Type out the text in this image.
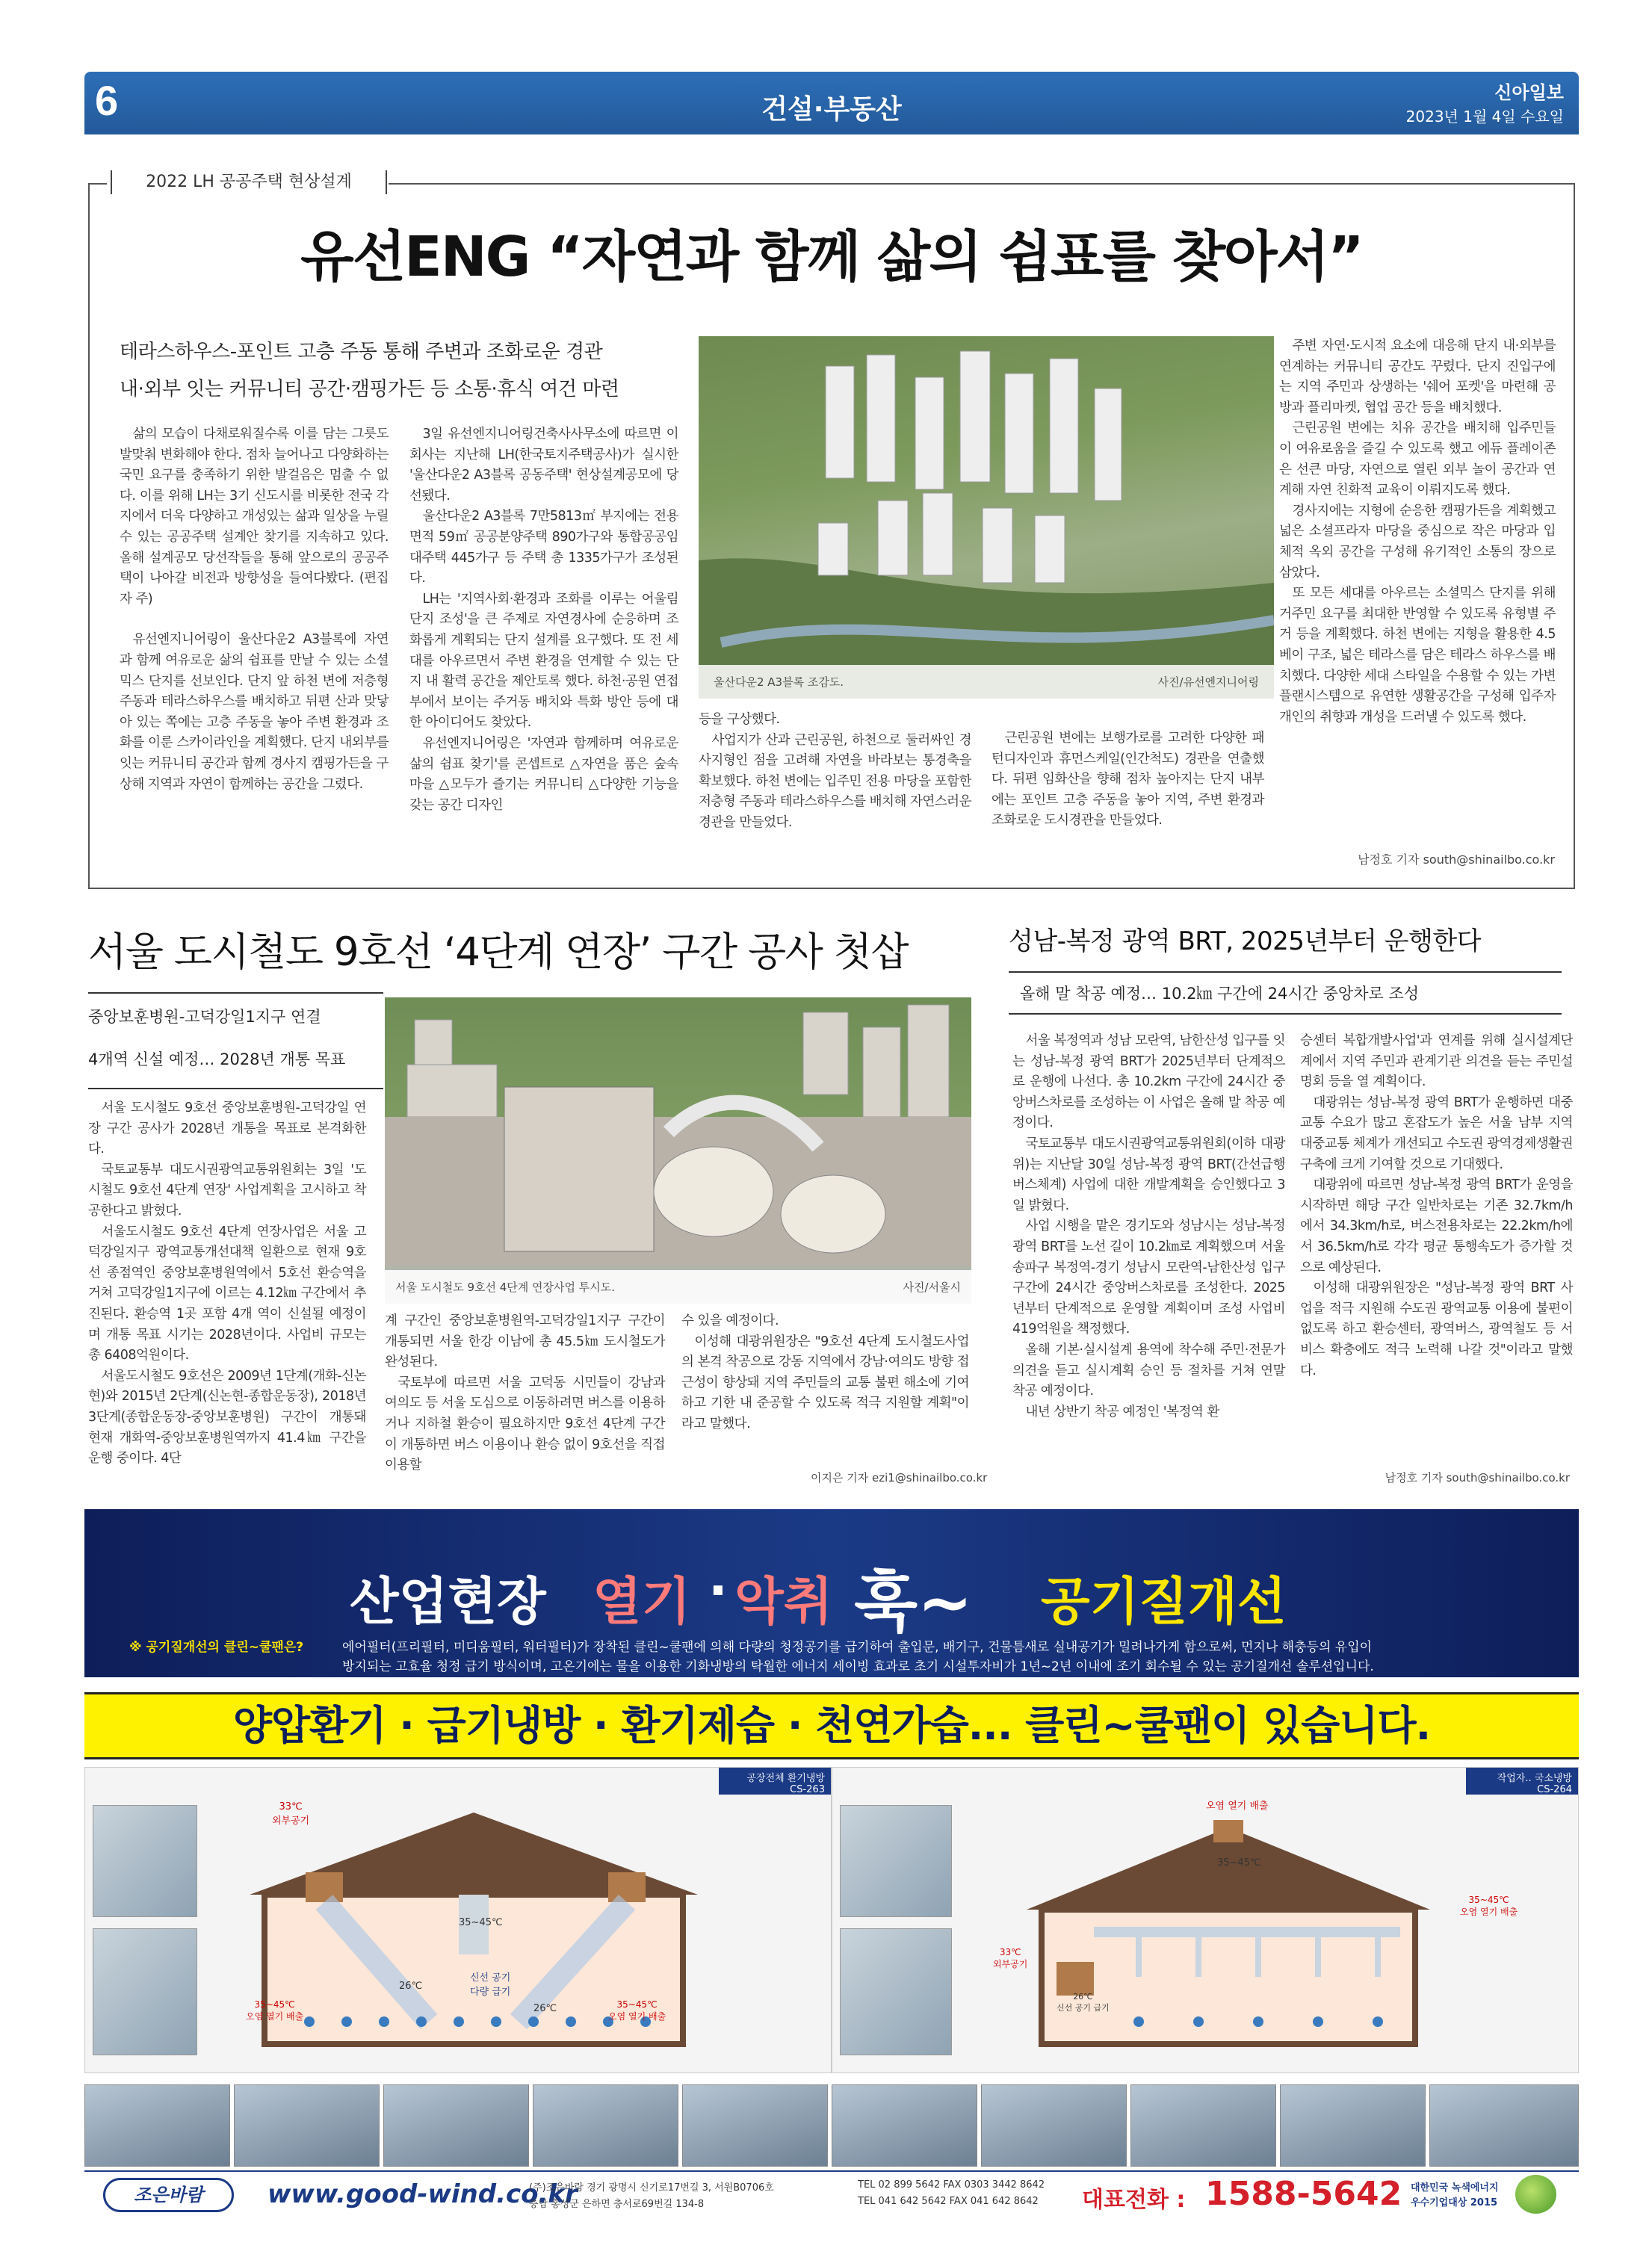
6	건설·부동산
신아일보
2023년 1월 4일 수요일
2022 LH 공공주택 현상설계
유선ENG “자연과 함께 삶의 쉼표를 찾아서”
테라스하우스-포인트 고층 주동 통해 주변과 조화로운 경관
내·외부 잇는 커뮤니티 공간·캠핑가든 등 소통·휴식 여건 마련

삶의 모습이 다채로워질수록 이를 담는 그릇도 발맞춰 변화해야 한다. 점차 늘어나고 다양화하는 국민 요구를 충족하기 위한 발걸음은 멈출 수 없다. 이를 위해 LH는 3기 신도시를 비롯한 전국 각지에서 더욱 다양하고 개성있는 삶과 일상을 누릴 수 있는 공공주택 설계안 찾기를 지속하고 있다. 올해 설계공모 당선작들을 통해 앞으로의 공공주택이 나아갈 비전과 방향성을 들여다봤다. (편집자 주)

유선엔지니어링이 울산다운2 A3블록에 자연과 함께 여유로운 삶의 쉼표를 만날 수 있는 소셜믹스 단지를 선보인다. 단지 앞 하천 변에 저층형 주동과 테라스하우스를 배치하고 뒤편 산과 맞닿아 있는 쪽에는 고층 주동을 놓아 주변 환경과 조화를 이룬 스카이라인을 계획했다. 단지 내외부를 잇는 커뮤니티 공간과 함께 경사지 캠핑가든을 구상해 지역과 자연이 함께하는 공간을 그렸다.

3일 유선엔지니어링건축사사무소에 따르면 이 회사는 지난해 LH(한국토지주택공사)가 실시한 '울산다운2 A3블록 공동주택' 현상설계공모에 당선됐다.

울산다운2 A3블록 7만5813㎡ 부지에는 전용면적 59㎡ 공공분양주택 890가구와 통합공공임대주택 445가구 등 주택 총 1335가구가 조성된다.

LH는 '지역사회·환경과 조화를 이루는 어울림 단지 조성'을 큰 주제로 자연경사에 순응하며 조화롭게 계획되는 단지 설계를 요구했다. 또 전 세대를 아우르면서 주변 환경을 연계할 수 있는 단지 내 활력 공간을 제안토록 했다. 하천·공원 연접부에서 보이는 주거동 배치와 특화 방안 등에 대한 아이디어도 찾았다.

유선엔지니어링은 '자연과 함께하며 여유로운 삶의 쉼표 찾기'를 콘셉트로 △자연을 품은 숲속 마을 △모두가 즐기는 커뮤니티 △다양한 기능을 갖는 공간 디자인

울산다운2 A3블록 조감도.	사진/유선엔지니어링

등을 구상했다.

사업지가 산과 근린공원, 하천으로 둘러싸인 경사지형인 점을 고려해 자연을 바라보는 통경축을 확보했다. 하천 변에는 입주민 전용 마당을 포함한 저층형 주동과 테라스하우스를 배치해 자연스러운 경관을 만들었다.

근린공원 변에는 보행가로를 고려한 다양한 패턴디자인과 휴먼스케일(인간척도) 경관을 연출했다. 뒤편 임화산을 향해 점차 높아지는 단지 내부에는 포인트 고층 주동을 놓아 지역, 주변 환경과 조화로운 도시경관을 만들었다.

주변 자연·도시적 요소에 대응해 단지 내·외부를 연계하는 커뮤니티 공간도 꾸렸다. 단지 진입구에는 지역 주민과 상생하는 '쉐어 포켓'을 마련해 공방과 플리마켓, 협업 공간 등을 배치했다.

근린공원 변에는 치유 공간을 배치해 입주민들이 여유로움을 즐길 수 있도록 했고 에듀 플레이존은 선큰 마당, 자연으로 열린 외부 놀이 공간과 연계해 자연 친화적 교육이 이뤄지도록 했다.

경사지에는 지형에 순응한 캠핑가든을 계획했고 넓은 소셜프라자 마당을 중심으로 작은 마당과 입체적 옥외 공간을 구성해 유기적인 소통의 장으로 삼았다.

또 모든 세대를 아우르는 소셜믹스 단지를 위해 거주민 요구를 최대한 반영할 수 있도록 유형별 주거 등을 계획했다. 하천 변에는 지형을 활용한 4.5베이 구조, 넓은 테라스를 담은 테라스 하우스를 배치했다. 다양한 세대 스타일을 수용할 수 있는 가변플랜시스템으로 유연한 생활공간을 구성해 입주자 개인의 취향과 개성을 드러낼 수 있도록 했다.

남정호 기자 south@shinailbo.co.kr
서울 도시철도 9호선 ‘4단계 연장’ 구간 공사 첫삽
중앙보훈병원-고덕강일1지구 연결
4개역 신설 예정… 2028년 개통 목표

서울 도시철도 9호선 중앙보훈병원-고덕강일 연장 구간 공사가 2028년 개통을 목표로 본격화한다.

국토교통부 대도시권광역교통위원회는 3일 '도시철도 9호선 4단계 연장' 사업계획을 고시하고 착공한다고 밝혔다.

서울도시철도 9호선 4단계 연장사업은 서울 고덕강일지구 광역교통개선대책 일환으로 현재 9호선 종점역인 중앙보훈병원역에서 5호선 환승역을 거쳐 고덕강일1지구에 이르는 4.12㎞ 구간에서 추진된다. 환승역 1곳 포함 4개 역이 신설될 예정이며 개통 목표 시기는 2028년이다. 사업비 규모는 총 6408억원이다.

서울도시철도 9호선은 2009년 1단계(개화-신논현)와 2015년 2단계(신논현-종합운동장), 2018년 3단계(종합운동장-중앙보훈병원) 구간이 개통돼 현재 개화역-중앙보훈병원역까지 41.4㎞ 구간을 운행 중이다. 4단

서울 도시철도 9호선 4단계 연장사업 투시도.	사진/서울시

계 구간인 중앙보훈병원역-고덕강일1지구 구간이 개통되면 서울 한강 이남에 총 45.5㎞ 도시철도가 완성된다.

국토부에 따르면 서울 고덕동 시민들이 강남과 여의도 등 서울 도심으로 이동하려면 버스를 이용하거나 지하철 환승이 필요하지만 9호선 4단계 구간이 개통하면 버스 이용이나 환승 없이 9호선을 직접 이용할

수 있을 예정이다.

이성해 대광위원장은 "9호선 4단계 도시철도사업의 본격 착공으로 강동 지역에서 강남·여의도 방향 접근성이 향상돼 지역 주민들의 교통 불편 해소에 기여하고 기한 내 준공할 수 있도록 적극 지원할 계획"이라고 말했다.

이지은 기자 ezi1@shinailbo.co.kr
성남-복정 광역 BRT, 2025년부터 운행한다
올해 말 착공 예정… 10.2㎞ 구간에 24시간 중앙차로 조성

서울 복정역과 성남 모란역, 남한산성 입구를 잇는 성남-복정 광역 BRT가 2025년부터 단계적으로 운행에 나선다. 총 10.2km 구간에 24시간 중앙버스차로를 조성하는 이 사업은 올해 말 착공 예정이다.

국토교통부 대도시권광역교통위원회(이하 대광위)는 지난달 30일 성남-복정 광역 BRT(간선급행버스체계) 사업에 대한 개발계획을 승인했다고 3일 밝혔다.

사업 시행을 맡은 경기도와 성남시는 성남-복정 광역 BRT를 노선 길이 10.2㎞로 계획했으며 서울 송파구 복정역-경기 성남시 모란역-남한산성 입구 구간에 24시간 중앙버스차로를 조성한다. 2025년부터 단계적으로 운영할 계획이며 조성 사업비 419억원을 책정했다.

올해 기본·실시설계 용역에 착수해 주민·전문가 의견을 듣고 실시계획 승인 등 절차를 거쳐 연말 착공 예정이다.

내년 상반기 착공 예정인 '복정역 환

승센터 복합개발사업'과 연계를 위해 실시설계단계에서 지역 주민과 관계기관 의견을 듣는 주민설명회 등을 열 계획이다.

대광위는 성남-복정 광역 BRT가 운행하면 대중교통 수요가 많고 혼잡도가 높은 서울 남부 지역 대중교통 체계가 개선되고 수도권 광역경제생활권 구축에 크게 기여할 것으로 기대했다.

대광위에 따르면 성남-복정 광역 BRT가 운영을 시작하면 해당 구간 일반차로는 기존 32.7km/h에서 34.3km/h로, 버스전용차로는 22.2km/h에서 36.5km/h로 각각 평균 통행속도가 증가할 것으로 예상된다.

이성해 대광위원장은 "성남-복정 광역 BRT 사업을 적극 지원해 수도권 광역교통 이용에 불편이 없도록 하고 환승센터, 광역버스, 광역철도 등 서비스 확충에도 적극 노력해 나갈 것"이라고 말했다.

남정호 기자 south@shinailbo.co.kr
산업현장 열기 · 악취 훅~ 공기질개선
※ 공기질개선의 클린~쿨팬은?	에어필터(프리필터, 미디움필터, 워터필터)가 장착된 클린~쿨팬에 의해 다량의 청정공기를 급기하여 출입문, 배기구, 건물틈새로 실내공기가 밀려나가게 함으로써, 먼지나 해충등의 유입이
방지되는 고효율 청정 급기 방식이며, 고온기에는 물을 이용한 기화냉방의 탁월한 에너지 세이빙 효과로 초기 시설투자비가 1년~2년 이내에 조기 회수될 수 있는 공기질개선 솔루션입니다.
양압환기 · 급기냉방 · 환기제습 · 천연가습... 클린~쿨팬이 있습니다.
공장전체 환기냉방
CS-263
33℃
외부공기
35~45℃
26℃
26℃
신선 공기
다량 급기
35~45℃
오염 열기 배출
35~45℃
오염 열기 배출
작업자.. 국소냉방
CS-264
오염 열기 배출
35~45℃
35~45℃
오염 열기 배출
33℃
외부공기
26℃
신선 공기 급기
조은바람	www.good-wind.co.kr
(주)조은바람 경기 광명시 신기로17번길 3, 서원B0706호
충남 홍성군 은하면 충서로69번길 134-8
TEL 02 899 5642 FAX 0303 3442 8642
TEL 041 642 5642 FAX 041 642 8642 대표전화 : 1588-5642 대한민국 녹색에너지
우수기업대상 2015
